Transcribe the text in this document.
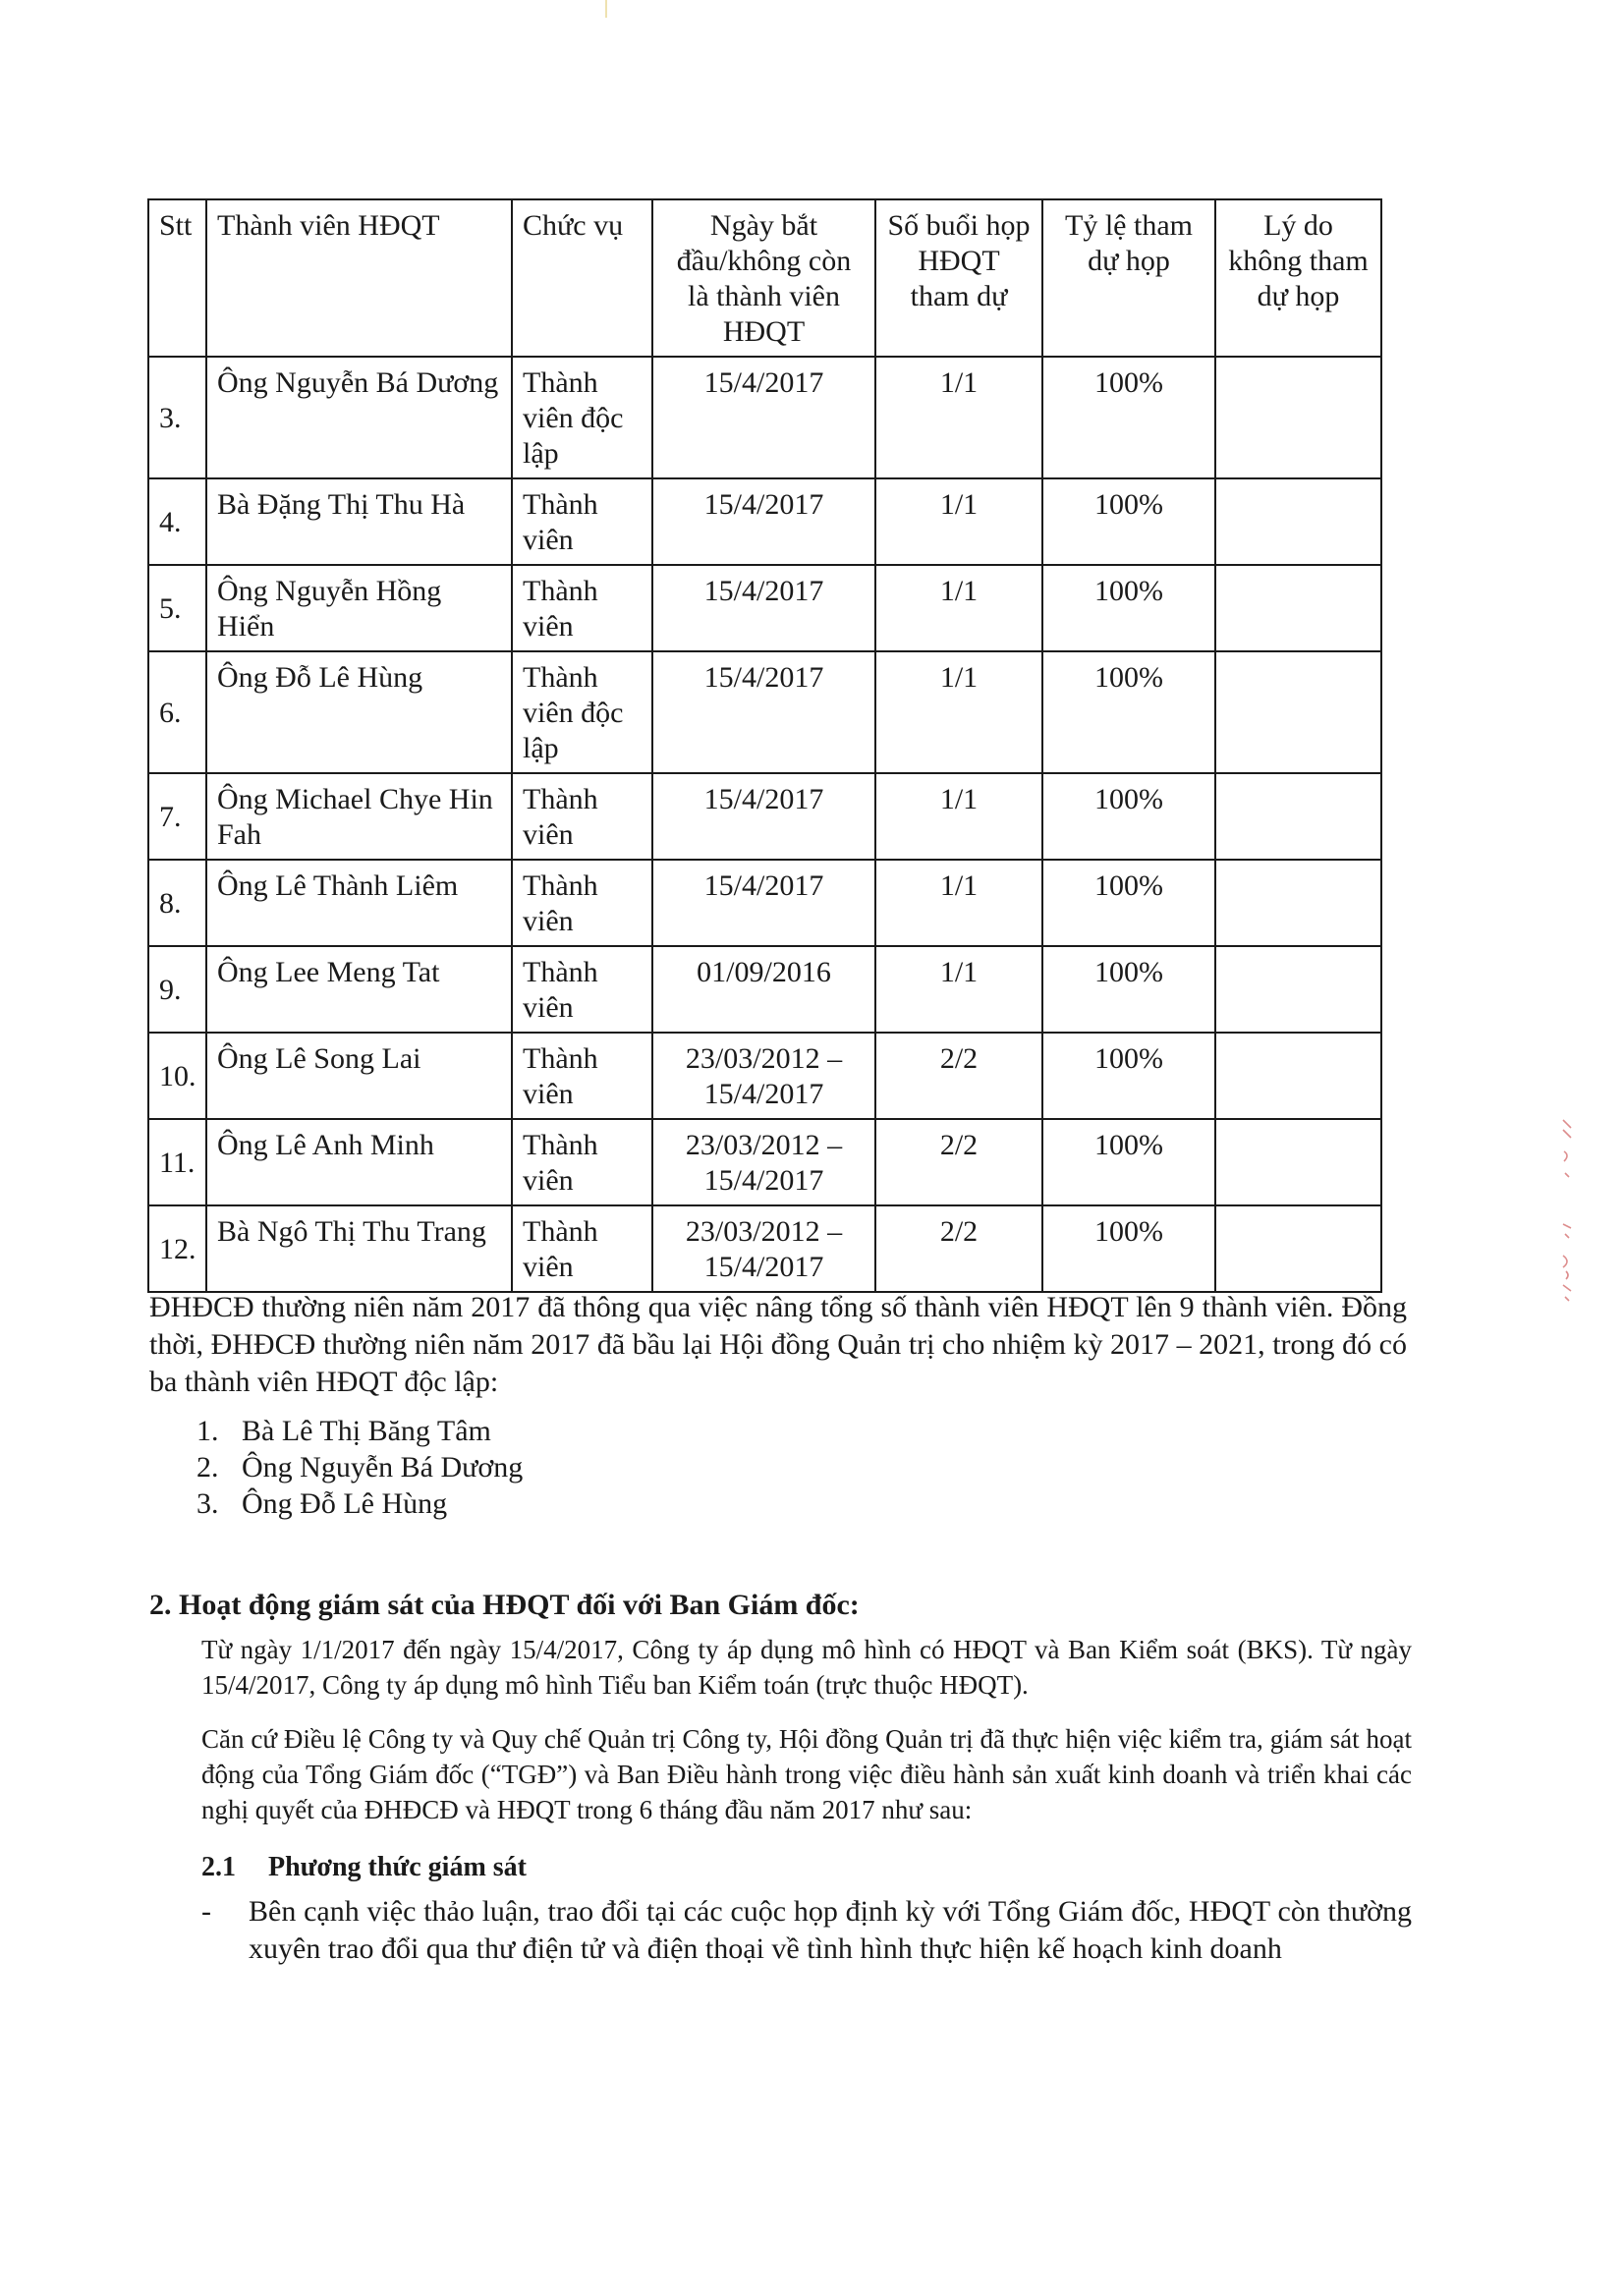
Stt	Thành viên HĐQT	Chức vụ	Ngày bắt đầu/không còn là thành viên HĐQT	Số buổi họp HĐQT tham dự	Tỷ lệ tham dự họp	Lý do không tham dự họp
3.	Ông Nguyễn Bá Dương	Thành viên độc lập	15/4/2017	1/1	100%	
4.	Bà Đặng Thị Thu Hà	Thành viên	15/4/2017	1/1	100%	
5.	Ông Nguyễn Hồng Hiển	Thành viên	15/4/2017	1/1	100%	
6.	Ông Đỗ Lê Hùng	Thành viên độc lập	15/4/2017	1/1	100%	
7.	Ông Michael Chye Hin Fah	Thành viên	15/4/2017	1/1	100%	
8.	Ông Lê Thành Liêm	Thành viên	15/4/2017	1/1	100%	
9.	Ông Lee Meng Tat	Thành viên	01/09/2016	1/1	100%	
10.	Ông Lê Song Lai	Thành viên	23/03/2012 – 15/4/2017	2/2	100%	
11.	Ông Lê Anh Minh	Thành viên	23/03/2012 – 15/4/2017	2/2	100%	
12.	Bà Ngô Thị Thu Trang	Thành viên	23/03/2012 – 15/4/2017	2/2	100%	
ĐHĐCĐ thường niên năm 2017 đã thông qua việc nâng tổng số thành viên HĐQT lên 9 thành viên. Đồng thời, ĐHĐCĐ thường niên năm 2017 đã bầu lại Hội đồng Quản trị cho nhiệm kỳ 2017 – 2021, trong đó có ba thành viên HĐQT độc lập:
1. Bà Lê Thị Băng Tâm
2. Ông Nguyễn Bá Dương
3. Ông Đỗ Lê Hùng
2. Hoạt động giám sát của HĐQT đối với Ban Giám đốc:
Từ ngày 1/1/2017 đến ngày 15/4/2017, Công ty áp dụng mô hình có HĐQT và Ban Kiểm soát (BKS). Từ ngày 15/4/2017, Công ty áp dụng mô hình Tiểu ban Kiểm toán (trực thuộc HĐQT).
Căn cứ Điều lệ Công ty và Quy chế Quản trị Công ty, Hội đồng Quản trị đã thực hiện việc kiểm tra, giám sát hoạt động của Tổng Giám đốc (“TGĐ”) và Ban Điều hành trong việc điều hành sản xuất kinh doanh và triển khai các nghị quyết của ĐHĐCĐ và HĐQT trong 6 tháng đầu năm 2017 như sau:
2.1	Phương thức giám sát
-	Bên cạnh việc thảo luận, trao đổi tại các cuộc họp định kỳ với Tổng Giám đốc, HĐQT còn thường xuyên trao đổi qua thư điện tử và điện thoại về tình hình thực hiện kế hoạch kinh doanh
